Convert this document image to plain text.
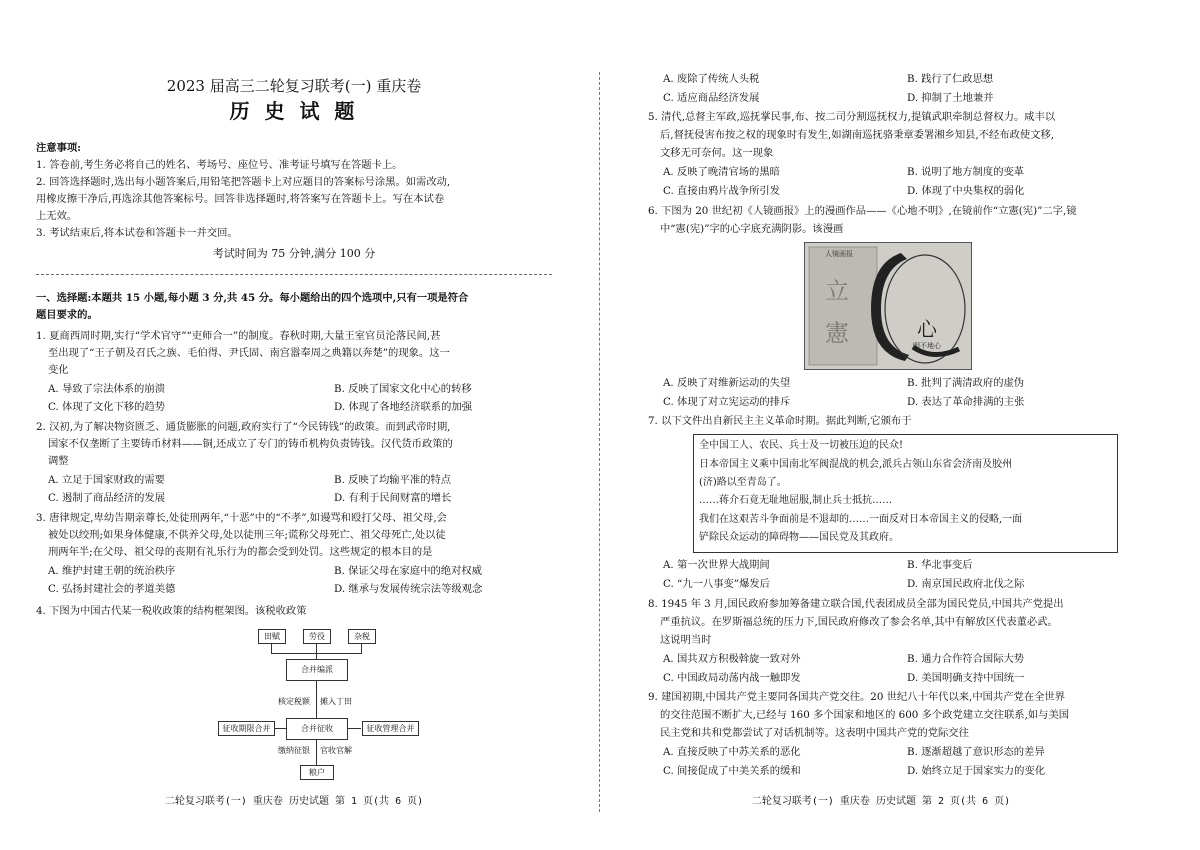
2023 届高三二轮复习联考(一) 重庆卷
历 史 试 题
注意事项:
1. 答卷前,考生务必将自己的姓名、考场号、座位号、准考证号填写在答题卡上。
2. 回答选择题时,选出每小题答案后,用铅笔把答题卡上对应题目的答案标号涂黑。如需改动,
用橡皮擦干净后,再选涂其他答案标号。回答非选择题时,将答案写在答题卡上。写在本试卷
上无效。
3. 考试结束后,将本试卷和答题卡一并交回。
考试时间为 75 分钟,满分 100 分
一、选择题:本题共 15 小题,每小题 3 分,共 45 分。每小题给出的四个选项中,只有一项是符合
题目要求的。
1. 夏商西周时期,实行“学术官守”“吏师合一”的制度。春秋时期,大量王室官员沦落民间,甚
至出现了“王子朝及召氏之族、毛伯得、尹氏固、南宫嚣奉周之典籍以奔楚”的现象。这一
变化
A. 导致了宗法体系的崩溃	B. 反映了国家文化中心的转移
C. 体现了文化下移的趋势	D. 体现了各地经济联系的加强
2. 汉初,为了解决物资匮乏、通货膨胀的问题,政府实行了“今民铸钱”的政策。而到武帝时期,
国家不仅垄断了主要铸币材料——铜,还成立了专门的铸币机构负责铸钱。汉代货币政策的
调整
A. 立足于国家财政的需要	B. 反映了均输平准的特点
C. 遏制了商品经济的发展	D. 有利于民间财富的增长
3. 唐律规定,卑幼告期亲尊长,处徒刑两年,“十恶”中的“不孝”,如谩骂和殴打父母、祖父母,会
被处以绞刑;如果身体健康,不供养父母,处以徒刑三年;谎称父母死亡、祖父母死亡,处以徒
刑两年半;在父母、祖父母的丧期有礼乐行为的都会受到处罚。这些规定的根本目的是
A. 维护封建王朝的统治秩序	B. 保证父母在家庭中的绝对权威
C. 弘扬封建社会的孝道美德	D. 继承与发展传统宗法等级观念
4. 下图为中国古代某一税收政策的结构框架图。该税收政策
田赋	劳役	杂税
合并编派
核定税额 摊入丁田
合并征收
征收期限合并	征收管理合并
缴纳征银 官收官解
粮户
二轮复习联考(一) 重庆卷 历史试题 第 1 页(共 6 页)
A. 废除了传统人头税	B. 践行了仁政思想
C. 适应商品经济发展	D. 抑制了土地兼并
5. 清代,总督主军政,巡抚掌民事,布、按二司分割巡抚权力,提镇武职牵制总督权力。咸丰以
后,督抚侵害布按之权的现象时有发生,如湖南巡抚骆秉章委署湘乡知县,不经布政使文移,
文移无可奈何。这一现象
A. 反映了晚清官场的黑暗	B. 说明了地方制度的变革
C. 直接由鸦片战争所引发	D. 体现了中央集权的弱化
6. 下图为 20 世纪初《人镜画报》上的漫画作品——《心地不明》,在镜前作“立憲(宪)”二字,镜
中“憲(宪)”字的心字底充满阴影。该漫画
立
憲	心
明不地心
人镜画报
A. 反映了对维新运动的失望	B. 批判了满清政府的虚伪
C. 体现了对立宪运动的排斥	D. 表达了革命排满的主张
7. 以下文件出自新民主主义革命时期。据此判断,它颁布于
全中国工人、农民、兵士及一切被压迫的民众!
日本帝国主义乘中国南北军阀混战的机会,派兵占领山东省会济南及胶州
(济)路以至青岛了。
……蒋介石竟无耻地屈服,制止兵士抵抗……
我们在这艰苦斗争面前是不退却的……一面反对日本帝国主义的侵略,一面
铲除民众运动的障碍物——国民党及其政府。
A. 第一次世界大战期间	B. 华北事变后
C. “九一八事变”爆发后	D. 南京国民政府北伐之际
8. 1945 年 3 月,国民政府参加筹备建立联合国,代表团成员全部为国民党员,中国共产党提出
严重抗议。在罗斯福总统的压力下,国民政府修改了参会名单,其中有解放区代表董必武。
这说明当时
A. 国共双方积极斡旋一致对外	B. 通力合作符合国际大势
C. 中国政局动荡内战一触即发	D. 美国明确支持中国统一
9. 建国初期,中国共产党主要同各国共产党交往。20 世纪八十年代以来,中国共产党在全世界
的交往范围不断扩大,已经与 160 多个国家和地区的 600 多个政党建立交往联系,如与美国
民主党和共和党都尝试了对话机制等。这表明中国共产党的党际交往
A. 直接反映了中苏关系的恶化	B. 逐渐超越了意识形态的差异
C. 间接促成了中美关系的缓和	D. 始终立足于国家实力的变化
二轮复习联考(一) 重庆卷 历史试题 第 2 页(共 6 页)
